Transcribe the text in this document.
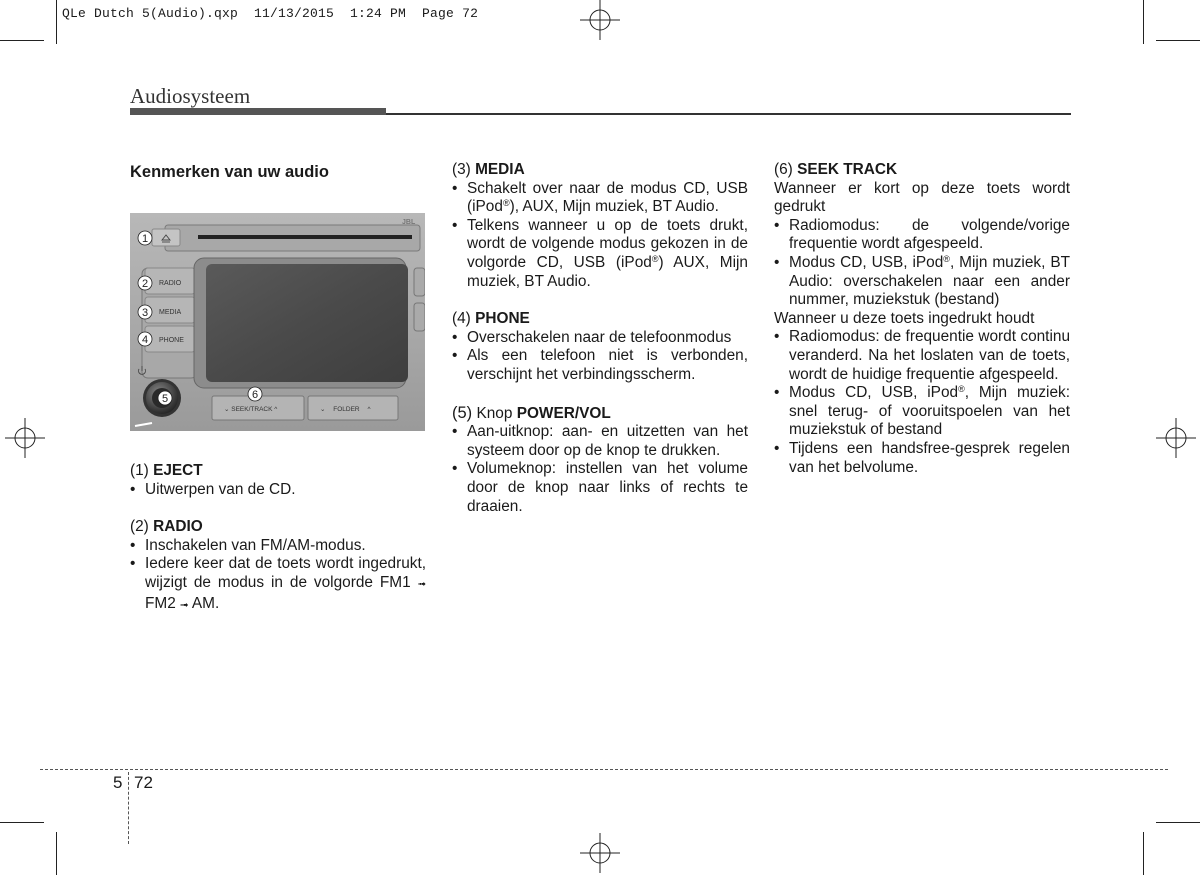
QLe Dutch 5(Audio).qxp  11/13/2015  1:24 PM  Page 72
Audiosysteem
Kenmerken van uw audio
JBL
RADIO
MEDIA
PHONE
⌄ SEEK/TRACK ^	⌄ FOLDER ^
1
2
3
4
5	6

(1) EJECT

• Uitwerpen van de CD.

(2) RADIO

• Inschakelen van FM/AM-modus.
• Iedere keer dat de toets wordt ingedrukt, wijzigt de modus in de volgorde FM1 ➟ FM2 ➟ AM.

(3) MEDIA

• Schakelt over naar de modus CD, USB (iPod®), AUX, Mijn muziek, BT Audio.
• Telkens wanneer u op de toets drukt, wordt de volgende modus gekozen in de volgorde CD, USB (iPod®) AUX, Mijn muziek, BT Audio.

(4) PHONE

• Overschakelen naar de telefoonmodus
• Als een telefoon niet is verbonden, verschijnt het verbindingsscherm.

(5) Knop POWER/VOL

• Aan-uitknop: aan- en uitzetten van het systeem door op de knop te drukken.
• Volumeknop: instellen van het volume door de knop naar links of rechts te draaien.

(6) SEEK TRACK

Wanneer er kort op deze toets wordt gedrukt

• Radiomodus: de volgende/vorige frequentie wordt afgespeeld.
• Modus CD, USB, iPod®, Mijn muziek, BT Audio: overschakelen naar een ander nummer, muziekstuk (bestand)

Wanneer u deze toets ingedrukt houdt

• Radiomodus: de frequentie wordt continu veranderd. Na het loslaten van de toets, wordt de huidige frequentie afgespeeld.
• Modus CD, USB, iPod®, Mijn muziek: snel terug- of vooruitspoelen van het muziekstuk of bestand
• Tijdens een handsfree-gesprek regelen van het belvolume.
5 72
